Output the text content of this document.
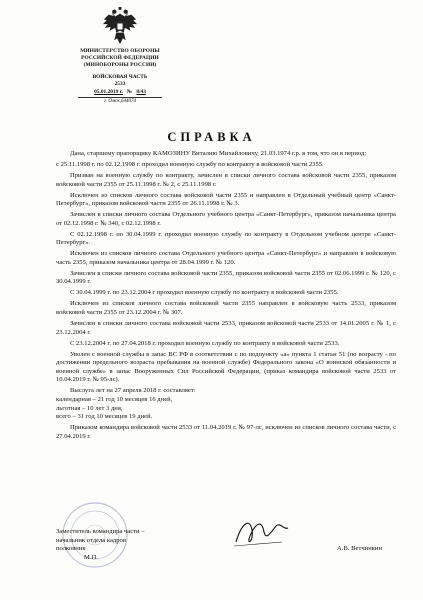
МИНИСТЕРСТВО ОБОРОНЫ
РОССИЙСКОЙ ФЕДЕРАЦИИ
(МИНОБОРОНЫ РОССИИ)
ВОЙСКОВАЯ ЧАСТЬ
2533
05.01.2019 г. № 8/43
г. Омск,644074
СПРАВКА

Дана, старшему прапорщику КАМОЗИНУ Виталию Михайловичу, 21.03.1974 г.р. в том, что он в период:

с 25.11.1998 г. по 02.12.1998 г. проходил военную службу по контракту в войсковой части 2355.

Призван на военную службу по контракту, зачислен в списки личного состава войсковой части 2355, приказом войсковой части 2355 от 25.11.1998 г. № 2, с 25.11.1998 г.

Исключен из списков личного состава войсковой части 2355 и направлен в Отдельный учебный центр «Санкт-Петербург», приказом войсковой части 2355 от 26.11.1998 г. № 3.

Зачислен в списки личного состава Отдельного учебного центра «Санкт-Петербург», приказом начальника центра от 02.12.1998 г. № 340, с 02.12.1998 г.

С 02.12.1998 г. по 30.04.1999 г. проходил военную службу по контракту в Отдельном учебном центре «Санкт-Петербург».

Исключен из списков личного состава Отдельного учебного центра «Санкт-Петербург» и направлен в войсковую часть 2355, приказом начальника центра от 28.04.1999 г. № 120.

Зачислен в списки личного состава войсковой части 2355, приказом войсковой части 2355 от 02.06.1999 г. № 120, с 30.04.1999 г.

С 30.04.1999 г. по 23.12.2004 г проходил военную службу по контракту в войсковой части 2355.

Исключен из списков личного состава войсковой части 2355 направлен в войсковую часть 2533, приказом войсковой части 2355 от 23.12.2004 г. № 307.

Зачислен в списки личного состава войсковой части 2533, приказом войсковой части 2533 от 14.01.2005 г. № 1, с 23.12.2004 г.

С 23.12.2004 г. по 27.04.2018 г. проходил военную службу по контракту в войсковой части 2533.

Уволен с военной службы в запас ВС РФ в соответствии с по подпункту «а» пункта 1 статьи 51 (по возрасту - по достижении предельного возраста пребывания на военной службе) Федерального закона «О воинской обязанности и военной службе» в запас Вооруженных Сил Российской Федерации, (приказ командира войсковой части 2533 от 10.04.2019 г. № 95-лс).

Выслуга лет на 27 апреля 2018 г. составляет:
календарная – 21 год 10 месяцев 16 дней,
льготная – 10 лет 3 дня,
всего – 31 год 10 месяцев 19 дней.

Приказом командира войсковой части 2533 от 11.04.2019 г. № 97-лс, исключен из списков личного состава части, с 27.04.2019 г.

Заместитель командира части –
начальник отдела кадров
полковник	А.В. Ветчинкин
М.П.
